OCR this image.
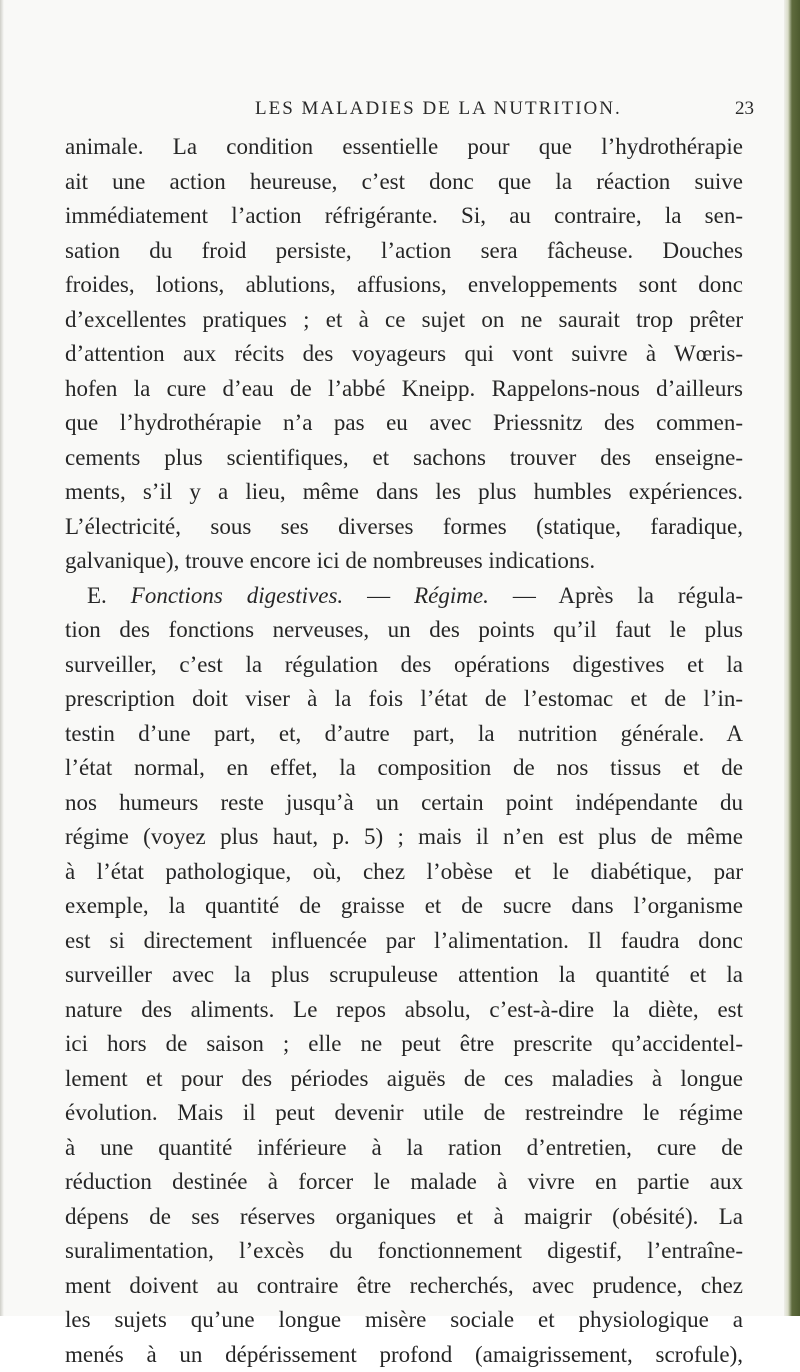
LES MALADIES DE LA NUTRITION.	23
animale. La condition essentielle pour que l’hydrothérapie
ait une action heureuse, c’est donc que la réaction suive
immédiatement l’action réfrigérante. Si, au contraire, la sen-
sation du froid persiste, l’action sera fâcheuse. Douches
froides, lotions, ablutions, affusions, enveloppements sont donc
d’excellentes pratiques ; et à ce sujet on ne saurait trop prêter
d’attention aux récits des voyageurs qui vont suivre à Wœris-
hofen la cure d’eau de l’abbé Kneipp. Rappelons-nous d’ailleurs
que l’hydrothérapie n’a pas eu avec Priessnitz des commen-
cements plus scientifiques, et sachons trouver des enseigne-
ments, s’il y a lieu, même dans les plus humbles expériences.
L’électricité, sous ses diverses formes (statique, faradique,
galvanique), trouve encore ici de nombreuses indications.
E. Fonctions digestives. — Régime. — Après la régula-
tion des fonctions nerveuses, un des points qu’il faut le plus
surveiller, c’est la régulation des opérations digestives et la
prescription doit viser à la fois l’état de l’estomac et de l’in-
testin d’une part, et, d’autre part, la nutrition générale. A
l’état normal, en effet, la composition de nos tissus et de
nos humeurs reste jusqu’à un certain point indépendante du
régime (voyez plus haut, p. 5) ; mais il n’en est plus de même
à l’état pathologique, où, chez l’obèse et le diabétique, par
exemple, la quantité de graisse et de sucre dans l’organisme
est si directement influencée par l’alimentation. Il faudra donc
surveiller avec la plus scrupuleuse attention la quantité et la
nature des aliments. Le repos absolu, c’est-à-dire la diète, est
ici hors de saison ; elle ne peut être prescrite qu’accidentel-
lement et pour des périodes aiguës de ces maladies à longue
évolution. Mais il peut devenir utile de restreindre le régime
à une quantité inférieure à la ration d’entretien, cure de
réduction destinée à forcer le malade à vivre en partie aux
dépens de ses réserves organiques et à maigrir (obésité). La
suralimentation, l’excès du fonctionnement digestif, l’entraîne-
ment doivent au contraire être recherchés, avec prudence, chez
les sujets qu’une longue misère sociale et physiologique a
menés à un dépérissement profond (amaigrissement, scrofule),
